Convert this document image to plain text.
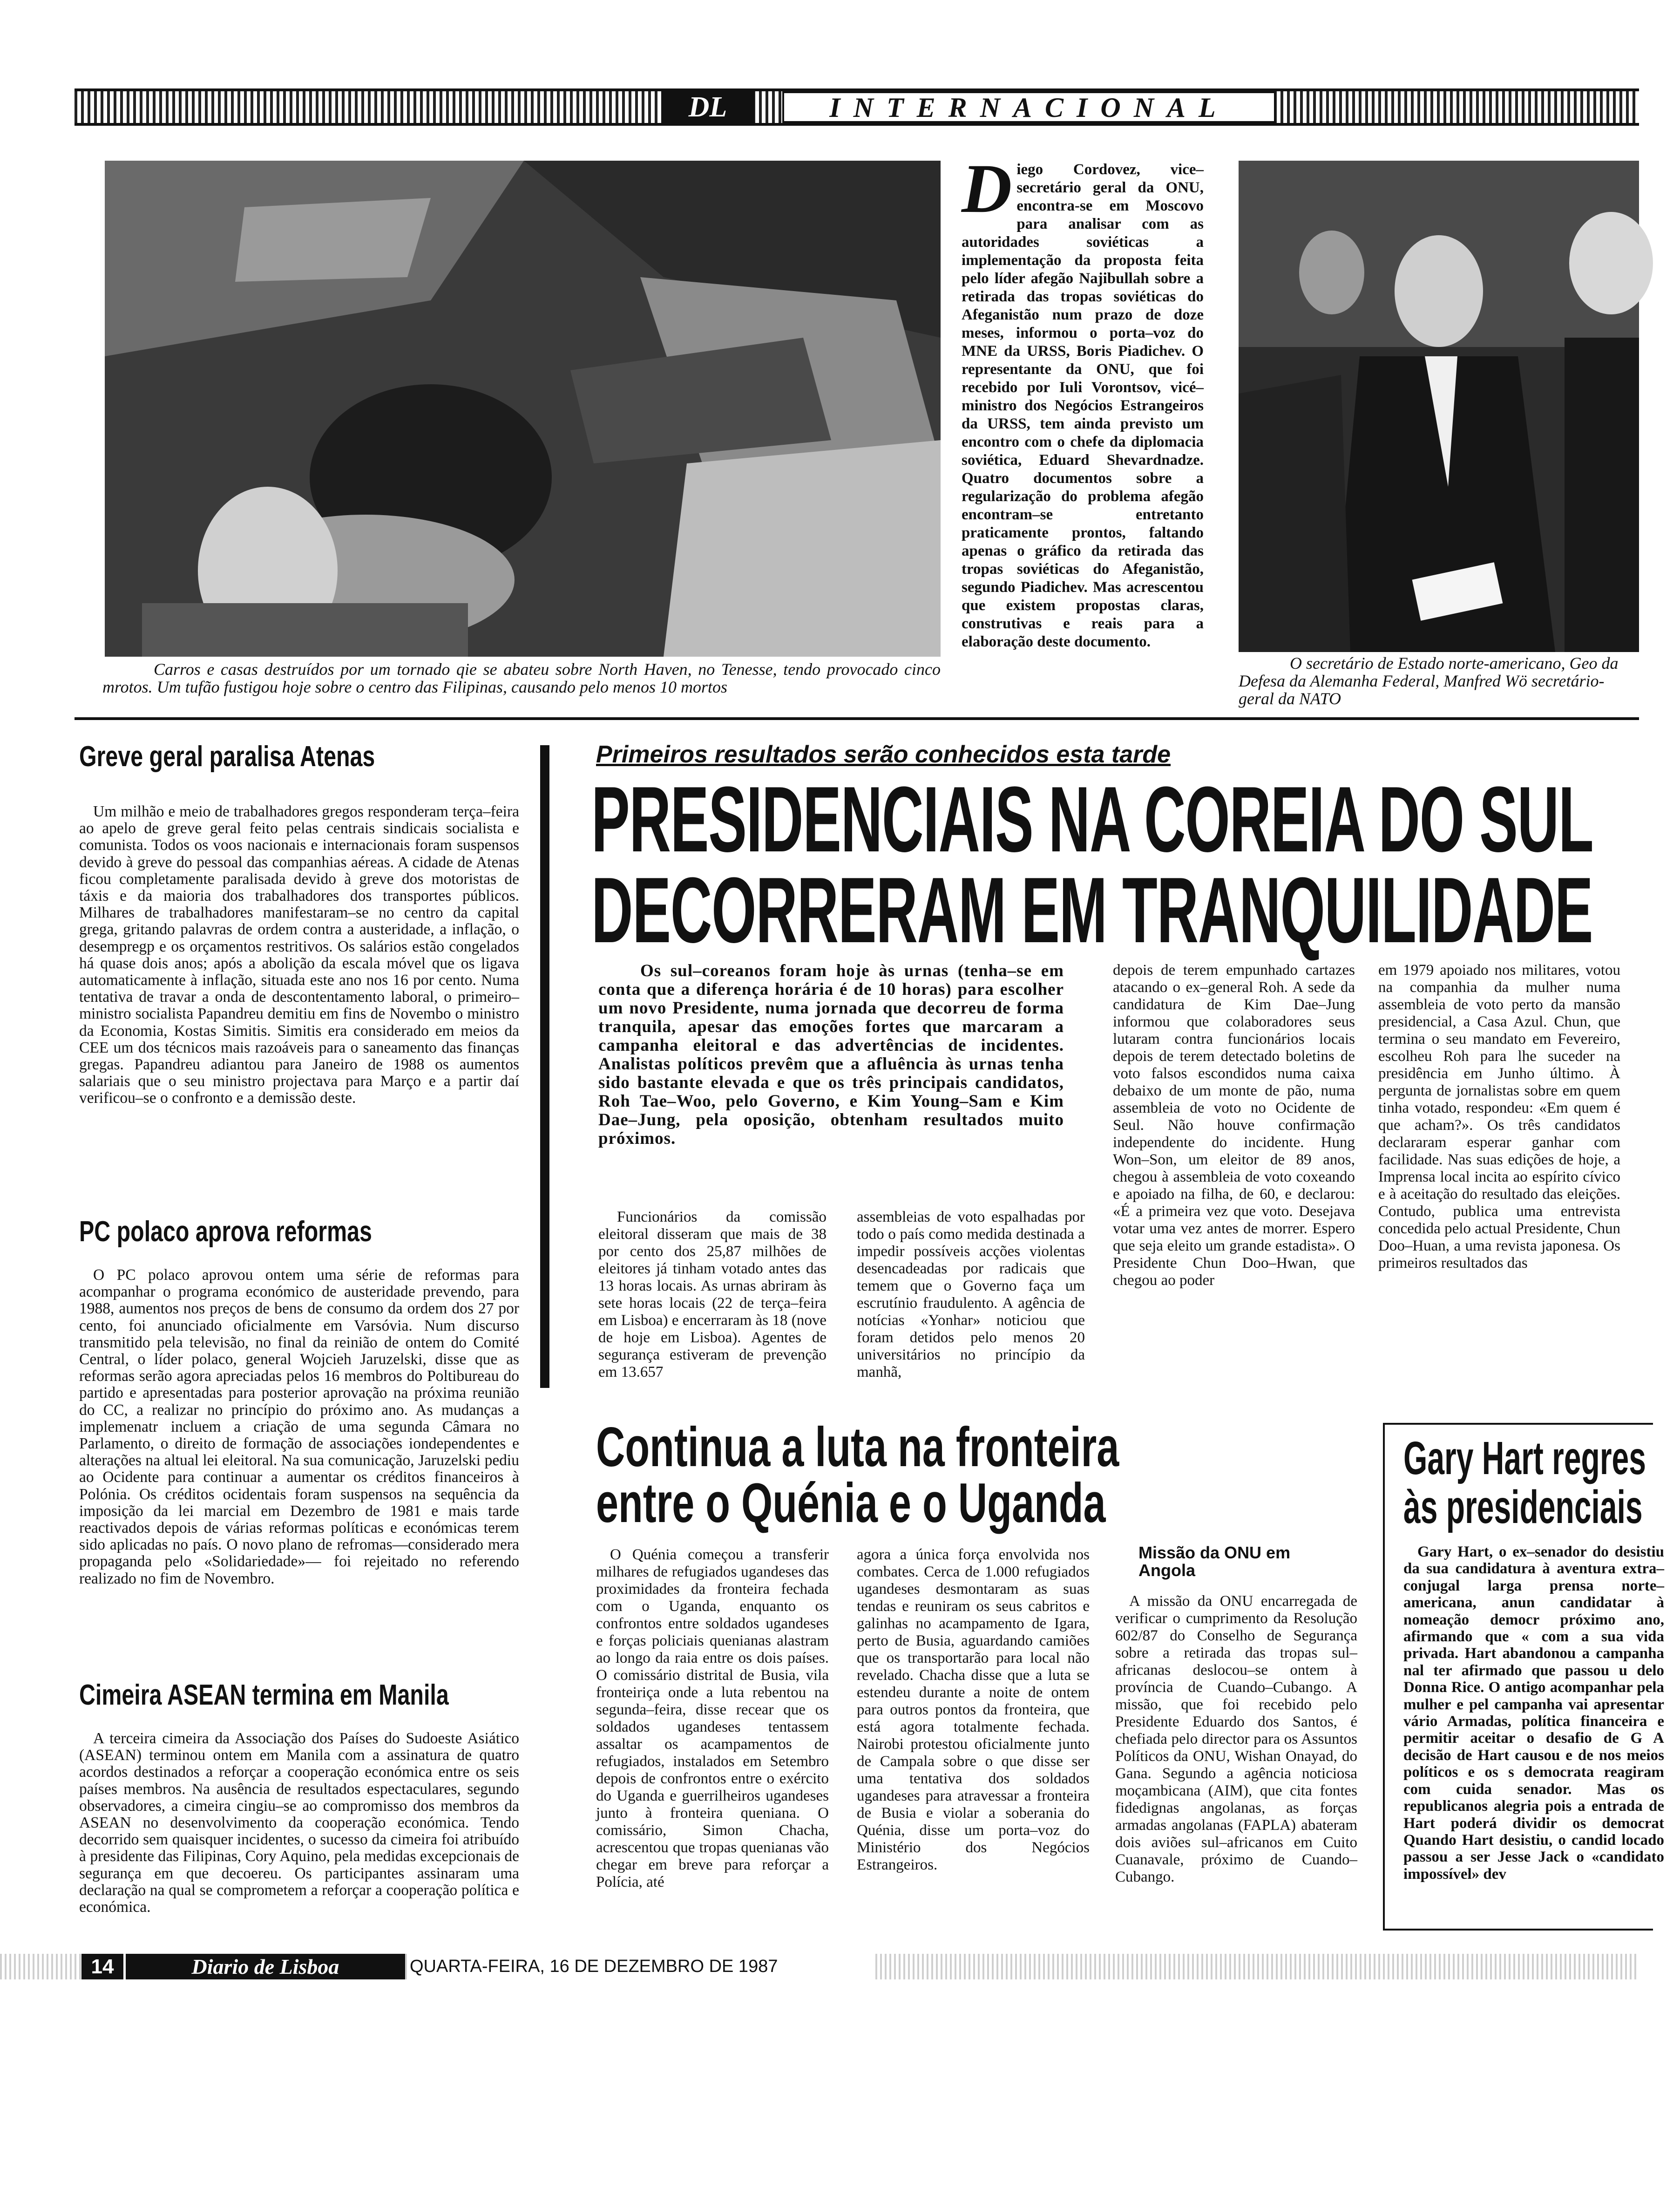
DL	INTERNACIONAL
Carros e casas destruídos por um tornado qie se abateu sobre North Haven, no Tenesse, tendo provocado cinco mrotos. Um tufão fustigou hoje sobre o centro das Filipinas, causando pelo menos 10 mortos
D iego Cordovez, vice–secretário geral da ONU, encontra-se em Moscovo para analisar com as autoridades soviéticas a implementação da proposta feita pelo líder afegão Najibullah sobre a retirada das tropas soviéticas do Afeganistão num prazo de doze meses, informou o porta–voz do MNE da URSS, Boris Piadichev. O representante da ONU, que foi recebido por Iuli Vorontsov, vicé–ministro dos Negócios Estrangeiros da URSS, tem ainda previsto um encontro com o chefe da diplomacia soviética, Eduard Shevardnadze. Quatro documentos sobre a regularização do problema afegão encontram–se entretanto praticamente prontos, faltando apenas o gráfico da retirada das tropas soviéticas do Afeganistão, segundo Piadichev. Mas acrescentou que existem propostas claras, construtivas e reais para a elaboração deste documento.
O secretário de Estado norte-americano, Geo da Defesa da Alemanha Federal, Manfred Wö secretário-geral da NATO
Greve geral paralisa Atenas
Um milhão e meio de trabalhadores gregos responderam terça–feira ao apelo de greve geral feito pelas centrais sindicais socialista e comunista. Todos os voos nacionais e internacionais foram suspensos devido à greve do pessoal das companhias aéreas. A cidade de Atenas ficou completamente paralisada devido à greve dos motoristas de táxis e da maioria dos trabalhadores dos transportes públicos. Milhares de trabalhadores manifestaram–se no centro da capital grega, gritando palavras de ordem contra a austeridade, a inflação, o desempregp e os orçamentos restritivos. Os salários estão congelados há quase dois anos; após a abolição da escala móvel que os ligava automaticamente à inflação, situada este ano nos 16 por cento. Numa tentativa de travar a onda de descontentamento laboral, o primeiro–ministro socialista Papandreu demitiu em fins de Novembo o ministro da Economia, Kostas Simitis. Simitis era considerado em meios da CEE um dos técnicos mais razoáveis para o saneamento das finanças gregas. Papandreu adiantou para Janeiro de 1988 os aumentos salariais que o seu ministro projectava para Março e a partir daí verificou–se o confronto e a demissão deste.
PC polaco aprova reformas
O PC polaco aprovou ontem uma série de reformas para acompanhar o programa económico de austeridade prevendo, para 1988, aumentos nos preços de bens de consumo da ordem dos 27 por cento, foi anunciado oficialmente em Varsóvia. Num discurso transmitido pela televisão, no final da reinião de ontem do Comité Central, o líder polaco, general Wojcieh Jaruzelski, disse que as reformas serão agora apreciadas pelos 16 membros do Poltibureau do partido e apresentadas para posterior aprovação na próxima reunião do CC, a realizar no princípio do próximo ano. As mudanças a implemenatr incluem a criação de uma segunda Câmara no Parlamento, o direito de formação de associações iondependentes e alterações na altual lei eleitoral. Na sua comunicação, Jaruzelski pediu ao Ocidente para continuar a aumentar os créditos financeiros à Polónia. Os créditos ocidentais foram suspensos na sequência da imposição da lei marcial em Dezembro de 1981 e mais tarde reactivados depois de várias reformas políticas e económicas terem sido aplicadas no país. O novo plano de refromas—considerado mera propaganda pelo «Solidariedade»— foi rejeitado no referendo realizado no fim de Novembro.
Cimeira ASEAN termina em Manila
A terceira cimeira da Associação dos Países do Sudoeste Asiático (ASEAN) terminou ontem em Manila com a assinatura de quatro acordos destinados a reforçar a cooperação económica entre os seis países membros. Na ausência de resultados espectaculares, segundo observadores, a cimeira cingiu–se ao compromisso dos membros da ASEAN no desenvolvimento da cooperação económica. Tendo decorrido sem quaisquer incidentes, o sucesso da cimeira foi atribuído à presidente das Filipinas, Cory Aquino, pela medidas excepcionais de segurança em que decoereu. Os participantes assinaram uma declaração na qual se comprometem a reforçar a cooperação política e económica.
Primeiros resultados serão conhecidos esta tarde
PRESIDENCIAIS NA COREIA DO SUL
DECORRERAM EM TRANQUILIDADE
Os sul–coreanos foram hoje às urnas (tenha–se em conta que a diferença horária é de 10 horas) para escolher um novo Presidente, numa jornada que decorreu de forma tranquila, apesar das emoções fortes que marcaram a campanha eleitoral e das advertências de incidentes. Analistas políticos prevêm que a afluência às urnas tenha sido bastante elevada e que os três principais candidatos, Roh Tae–Woo, pelo Governo, e Kim Young–Sam e Kim Dae–Jung, pela oposição, obtenham resultados muito próximos.
Funcionários da comissão eleitoral disseram que mais de 38 por cento dos 25,87 milhões de eleitores já tinham votado antes das 13 horas locais. As urnas abriram às sete horas locais (22 de terça–feira em Lisboa) e encerraram às 18 (nove de hoje em Lisboa). Agentes de segurança estiveram de prevenção em 13.657
assembleias de voto espalhadas por todo o país como medida destinada a impedir possíveis acções violentas desencadeadas por radicais que temem que o Governo faça um escrutínio fraudulento. A agência de notícias «Yonhar» noticiou que foram detidos pelo menos 20 universitários no princípio da manhã,
depois de terem empunhado cartazes atacando o ex–general Roh. A sede da candidatura de Kim Dae–Jung informou que colaboradores seus lutaram contra funcionários locais depois de terem detectado boletins de voto falsos escondidos numa caixa debaixo de um monte de pão, numa assembleia de voto no Ocidente de Seul. Não houve confirmação independente do incidente. Hung Won–Son, um eleitor de 89 anos, chegou à assembleia de voto coxeando e apoiado na filha, de 60, e declarou: «É a primeira vez que voto. Desejava votar uma vez antes de morrer. Espero que seja eleito um grande estadista». O Presidente Chun Doo–Hwan, que chegou ao poder
em 1979 apoiado nos militares, votou na companhia da mulher numa assembleia de voto perto da mansão presidencial, a Casa Azul. Chun, que termina o seu mandato em Fevereiro, escolheu Roh para lhe suceder na presidência em Junho último. À pergunta de jornalistas sobre em quem tinha votado, respondeu: «Em quem é que acham?». Os três candidatos declararam esperar ganhar com facilidade. Nas suas edições de hoje, a Imprensa local incita ao espírito cívico e à aceitação do resultado das eleições. Contudo, publica uma entrevista concedida pelo actual Presidente, Chun Doo–Huan, a uma revista japonesa. Os primeiros resultados das
Continua a luta na fronteira
entre o Quénia e o Uganda
O Quénia começou a transferir milhares de refugiados ugandeses das proximidades da fronteira fechada com o Uganda, enquanto os confrontos entre soldados ugandeses e forças policiais quenianas alastram ao longo da raia entre os dois países. O comissário distrital de Busia, vila fronteiriça onde a luta rebentou na segunda–feira, disse recear que os soldados ugandeses tentassem assaltar os acampamentos de refugiados, instalados em Setembro depois de confrontos entre o exército do Uganda e guerrilheiros ugandeses junto à fronteira queniana. O comissário, Simon Chacha, acrescentou que tropas quenianas vão chegar em breve para reforçar a Polícia, até
agora a única força envolvida nos combates. Cerca de 1.000 refugiados ugandeses desmontaram as suas tendas e reuniram os seus cabritos e galinhas no acampamento de Igara, perto de Busia, aguardando camiões que os transportarão para local não revelado. Chacha disse que a luta se estendeu durante a noite de ontem para outros pontos da fronteira, que está agora totalmente fechada. Nairobi protestou oficialmente junto de Campala sobre o que disse ser uma tentativa dos soldados ugandeses para atravessar a fronteira de Busia e violar a soberania do Quénia, disse um porta–voz do Ministério dos Negócios Estrangeiros.
Missão da ONU em Angola
A missão da ONU encarregada de verificar o cumprimento da Resolução 602/87 do Conselho de Segurança sobre a retirada das tropas sul–africanas deslocou–se ontem à província de Cuando–Cubango. A missão, que foi recebido pelo Presidente Eduardo dos Santos, é chefiada pelo director para os Assuntos Políticos da ONU, Wishan Onayad, do Gana. Segundo a agência noticiosa moçambicana (AIM), que cita fontes fidedignas angolanas, as forças armadas angolanas (FAPLA) abateram dois aviões sul–africanos em Cuito Cuanavale, próximo de Cuando–Cubango.
Gary Hart regres
às presidenciais
Gary Hart, o ex–senador do desistiu da sua candidatura à aventura extra–conjugal larga prensa norte–americana, anun candidatar à nomeação democr próximo ano, afirmando que « com a sua vida privada. Hart abandonou a campanha nal ter afirmado que passou u delo Donna Rice. O antigo acompanhar pela mulher e pel campanha vai apresentar vário Armadas, política financeira e permitir aceitar o desafio de G A decisão de Hart causou e de nos meios políticos e os s democrata reagiram com cuida senador. Mas os republicanos alegria pois a entrada de Hart poderá dividir os democrat Quando Hart desistiu, o candid locado passou a ser Jesse Jack o «candidato impossível» dev
14	Diario de Lisboa	QUARTA-FEIRA, 16 DE DEZEMBRO DE 1987
